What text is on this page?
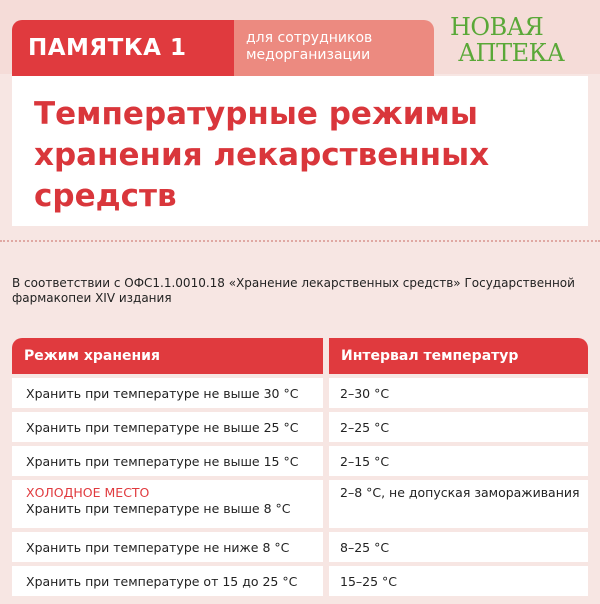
ПАМЯТКА 1	для сотрудников
медорганизации
НОВАЯ
АПТЕКА
Температурные режимы
хранения лекарственных
средств
В соответствии с ОФС1.1.0010.18 «Хранение лекарственных средств» Государственной фармакопеи XIV издания
Режим хранения
Хранить при температуре не выше 30 °С
Хранить при температуре не выше 25 °С
Хранить при температуре не выше 15 °С
ХОЛОДНОЕ МЕСТО
Хранить при температуре не выше 8 °С
Хранить при температуре не ниже 8 °С
Хранить при температуре от 15 до 25 °С
Интервал температур
2–30 °С
2–25 °С
2–15 °С
2–8 °С, не допуская замораживания
8–25 °С
15–25 °С
